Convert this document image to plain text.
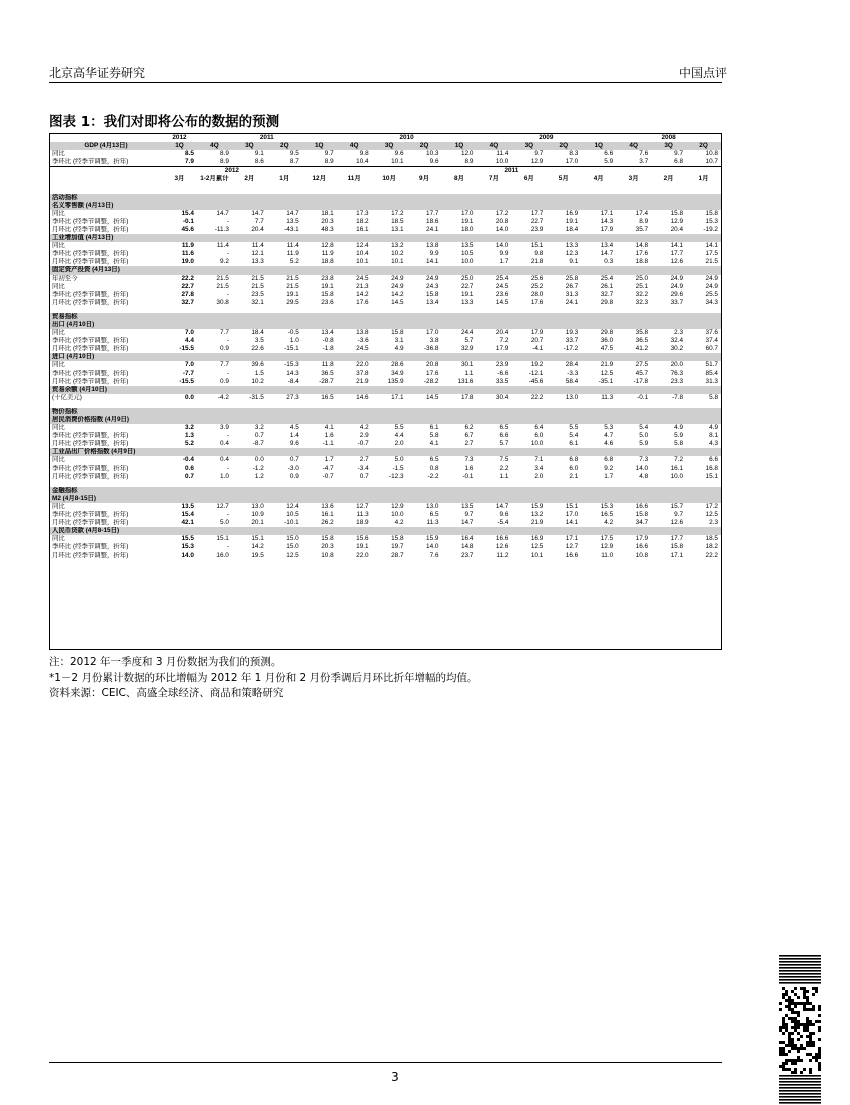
北京高华证券研究	中国点评
图表 1：我们对即将公布的数据的预测
	2012	2011				2010				2009				2008		
GDP (4月13日)	1Q	4Q	3Q	2Q	1Q	4Q	3Q	2Q	1Q	4Q	3Q	2Q	1Q	4Q	3Q	2Q
同比	8.5	8.9	9.1	9.5	9.7	9.8	9.6	10.3	12.0	11.4	9.7	8.3	6.6	7.6	9.7	10.8
季环比 (经季节调整，折年)	7.9	8.9	8.6	8.7	8.9	10.4	10.1	9.6	8.9	10.0	12.9	17.0	5.9	3.7	6.8	10.7
	2012				2011											
	3月	1-2月累计	2月	1月	12月	11月	10月	9月	8月	7月	6月	5月	4月	3月	2月	1月

活动指标																
名义零售额 (4月13日)																
同比	15.4	14.7	14.7	14.7	18.1	17.3	17.2	17.7	17.0	17.2	17.7	16.9	17.1	17.4	15.8	15.8
季环比 (经季节调整，折年)	-0.1	-	7.7	13.5	20.3	18.2	18.5	18.6	19.1	20.8	22.7	19.1	14.3	8.9	12.9	15.3
月环比 (经季节调整，折年)	45.6	-11.3	20.4	-43.1	48.3	16.1	13.1	24.1	18.0	14.0	23.9	18.4	17.9	35.7	20.4	-19.2
工业增加值 (4月13日)																
同比	11.9	11.4	11.4	11.4	12.8	12.4	13.2	13.8	13.5	14.0	15.1	13.3	13.4	14.8	14.1	14.1
季环比 (经季节调整，折年)	11.6	-	12.1	11.9	11.9	10.4	10.2	9.9	10.5	9.9	9.8	12.3	14.7	17.6	17.7	17.5
月环比 (经季节调整，折年)	19.0	9.2	13.3	5.2	18.8	10.1	10.1	14.1	10.0	1.7	21.8	9.1	0.3	18.8	12.6	21.5
固定资产投资 (4月13日)																
年初至今	22.2	21.5	21.5	21.5	23.8	24.5	24.9	24.9	25.0	25.4	25.6	25.8	25.4	25.0	24.9	24.9
同比	22.7	21.5	21.5	21.5	19.1	21.3	24.9	24.3	22.7	24.5	25.2	26.7	26.1	25.1	24.9	24.9
季环比 (经季节调整，折年)	27.8	-	23.5	19.1	15.8	14.2	14.2	15.8	19.1	23.6	28.0	31.3	32.7	32.2	29.6	25.5
月环比 (经季节调整，折年)	32.7	30.8	32.1	29.5	23.6	17.6	14.5	13.4	13.3	14.5	17.6	24.1	29.8	32.3	33.7	34.3

贸易指标																
出口 (4月10日)																
同比	7.0	7.7	18.4	-0.5	13.4	13.8	15.8	17.0	24.4	20.4	17.9	19.3	29.8	35.8	2.3	37.6
季环比 (经季节调整，折年)	4.4	-	3.5	1.0	-0.8	-3.6	3.1	3.8	5.7	7.2	20.7	33.7	36.0	36.5	32.4	37.4
月环比 (经季节调整，折年)	-15.5	0.9	22.6	-15.1	-1.8	24.5	4.9	-36.8	32.9	17.9	-4.1	-17.2	47.5	41.2	30.2	60.7
进口 (4月10日)																
同比	7.0	7.7	39.6	-15.3	11.8	22.0	28.6	20.8	30.1	23.9	19.2	28.4	21.9	27.5	20.0	51.7
季环比 (经季节调整，折年)	-7.7	-	1.5	14.3	36.5	37.8	34.9	17.6	1.1	-6.6	-12.1	-3.3	12.5	45.7	76.3	85.4
月环比 (经季节调整，折年)	-15.5	0.9	10.2	-8.4	-28.7	21.9	135.9	-28.2	131.6	33.5	-45.6	58.4	-35.1	-17.8	23.3	31.3
贸易余额 (4月10日)																
(十亿美元)	0.0	-4.2	-31.5	27.3	16.5	14.6	17.1	14.5	17.8	30.4	22.2	13.0	11.3	-0.1	-7.8	5.8

物价指标																
居民消费价格指数 (4月9日)																
同比	3.2	3.9	3.2	4.5	4.1	4.2	5.5	6.1	6.2	6.5	6.4	5.5	5.3	5.4	4.9	4.9
季环比 (经季节调整，折年)	1.3	-	0.7	1.4	1.6	2.9	4.4	5.8	6.7	6.6	6.0	5.4	4.7	5.0	5.9	8.1
月环比 (经季节调整，折年)	5.2	0.4	-8.7	9.6	-1.1	-0.7	2.0	4.1	2.7	5.7	10.0	6.1	4.6	5.9	5.8	4.3
工业品出厂价格指数 (4月9日)																
同比	-0.4	0.4	0.0	0.7	1.7	2.7	5.0	6.5	7.3	7.5	7.1	6.8	6.8	7.3	7.2	6.6
季环比 (经季节调整，折年)	0.6	-	-1.2	-3.0	-4.7	-3.4	-1.5	0.8	1.6	2.2	3.4	6.0	9.2	14.0	16.1	16.8
月环比 (经季节调整，折年)	0.7	1.0	1.2	0.9	-0.7	0.7	-12.3	-2.2	-0.1	1.1	2.0	2.1	1.7	4.8	10.0	15.1

金融指标																
M2 (4月8-15日)																
同比	13.5	12.7	13.0	12.4	13.6	12.7	12.9	13.0	13.5	14.7	15.9	15.1	15.3	16.6	15.7	17.2
季环比 (经季节调整，折年)	15.4	-	10.9	10.5	16.1	11.3	10.0	6.5	9.7	9.6	13.2	17.0	16.5	15.8	9.7	12.5
月环比 (经季节调整，折年)	42.1	5.0	20.1	-10.1	26.2	18.9	4.2	11.3	14.7	-5.4	21.9	14.1	4.2	34.7	12.6	2.3
人民币贷款 (4月8-15日)																
同比	15.5	15.1	15.1	15.0	15.8	15.6	15.8	15.9	16.4	16.6	16.9	17.1	17.5	17.9	17.7	18.5
季环比 (经季节调整，折年)	15.3	-	14.2	15.0	20.3	19.1	19.7	14.0	14.8	12.6	12.5	12.7	12.9	16.6	15.8	18.2
月环比 (经季节调整，折年)	14.0	16.0	19.5	12.5	10.8	22.0	28.7	7.6	23.7	11.2	10.1	16.6	11.0	10.8	17.1	22.2
注：2012 年一季度和 3 月份数据为我们的预测。
*1－2 月份累计数据的环比增幅为 2012 年 1 月份和 2 月份季调后月环比折年增幅的均值。
资料来源：CEIC、高盛全球经济、商品和策略研究
3
